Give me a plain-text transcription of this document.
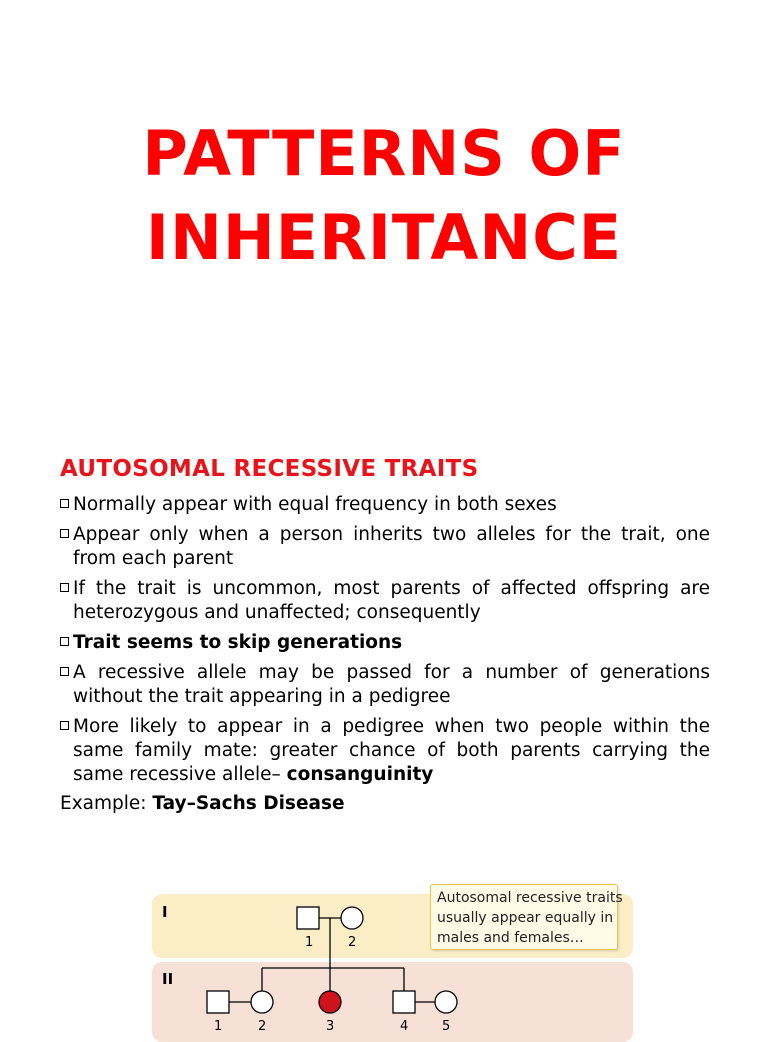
PATTERNS OF
INHERITANCE
AUTOSOMAL RECESSIVE TRAITS
Normally appear with equal frequency in both sexes
Appear only when a person inherits two alleles for the trait, one from each parent
If the trait is uncommon, most parents of affected offspring are heterozygous and unaffected; consequently
Trait seems to skip generations
A recessive allele may be passed for a number of generations without the trait appearing in a pedigree
More likely to appear in a pedigree when two people within the same family mate: greater chance of both parents carrying the same recessive allele– consanguinity
Example: Tay–Sachs Disease
I
II
1	2
1	2	3	4	5
Autosomal recessive traits
usually appear equally in
males and females…
